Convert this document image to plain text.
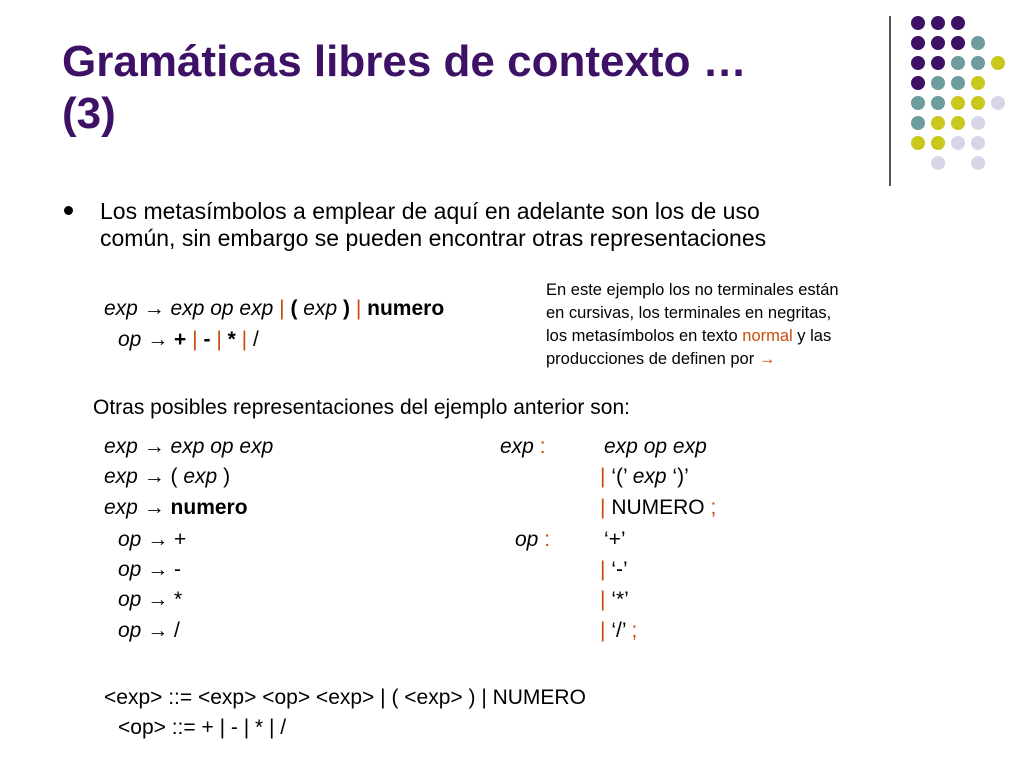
Gramáticas libres de contexto …
(3)
Los metasímbolos a emplear de aquí en adelante son los de uso
común, sin embargo se pueden encontrar otras representaciones
exp → exp op exp | ( exp ) | numero
op → + | - | * | /
En este ejemplo los no terminales están
en cursivas, los terminales en negritas,
los metasímbolos en texto normal y las
producciones de definen por →
Otras posibles representaciones del ejemplo anterior son:
exp → exp op exp
exp → ( exp )
exp → numero
op → +
op → -
op → *
op → /
exp :	exp op exp
| ‘(’ exp ‘)’
| NUMERO ;
op :	‘+’
| ‘-’
| ‘*’
| ‘/’ ;
<exp> ::= <exp> <op> <exp> | ( <exp> ) | NUMERO
<op> ::= + | - | * | /
